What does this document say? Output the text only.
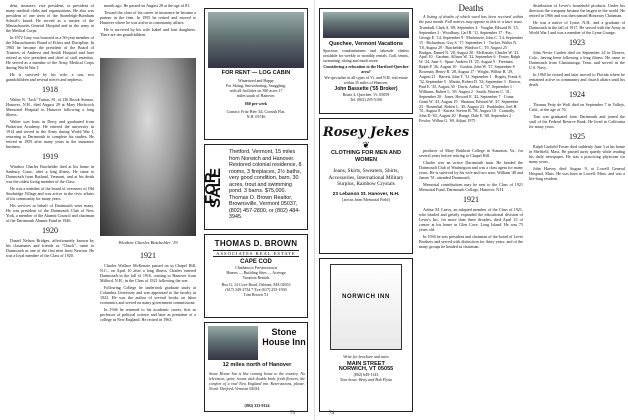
dent, treasurer, vice president, or president of many medical clubs and organizations. He also was president of one term of the Stoneleigh-Burnham School's board. He served as a trustee of the Massachusetts General Hospital and in the army in the Medical Corps.

In 1972 Gary was honored as a 50-year member of the Massachusetts Board of Ethics and Discipline. In 1965 he became the president of the Board of Trustees of Amherst and Smith Hospital and later retired as vice president and chief of staff emeritus. He served as a member of the Army Medical Corps during World War I.

He is survived by his wife, a son, two grandchildren and several nieces and nephews.

1918

Walter N. "Jack" Tutton, 81, of 136 Brook Avenue, Hanover, N.H., died August 29 at Mary Hitchcock Memorial Hospital in Hanover following a long illness.

Walter was born in Derry and graduated from Pinkerton Academy. He entered the university in 1914 and served in the Army during World War I, returning to Dartmouth to complete his studies. He retired in 1959 after many years in the insurance business.

1919

Windsor Charles Batchelder died at his home in Sanbury, Conn., after a long illness. He came to Dartmouth from Rutland, Vermont, and at his death was the oldest living member of the Class.

He was a member of the board of overseers of Old Sturbridge Village and was active in the civic affairs of his community for many years.

His services in behalf of Dartmouth were many. He was president of the Dartmouth Club of New York, a member of the Alumni Council and chairman of the Dartmouth Alumni Fund in 1946.

1920

Daniel Nelson Bridges, affectionately known by his classmates and friends as "Chuck", came to Dartmouth as one of the first men from Newton. He was a loyal member of the Class of 1920.

month ago. He passed on August 28 at the age of 81.

Toward the close of his career in insurance he became a partner in the firm. In 1955 he retired and moved to Hanover where he was active in community affairs.

He is survived by his wife Isabel and four daughters. There are ten grandchildren.

Windsor Charles Batchelder '19
1921

Charles Wallace McKenzie passed on in Chapel Hill, N.C., on April 10 after a long illness. Charles entered Dartmouth in the fall of 1916, coming to Hanover from Milford, N.H., in the Class of 1921 following the war.

Following College he undertook graduate study at Columbia University and was appointed to the faculty in 1922. He was the author of several books on labor economics and served on many government commissions.

In 1946 he returned to his academic career, first as professor of political science and later as president of a college in New England. He retired in 1963.

FOR RENT — LOG CABIN
Winterized and Happy
For Skiing, Snowshoeing, Snuggling,
with all facilities on 380 acres 17
miles south of Hanover.
$60 per week
Contact: Fritz Hier '44, Cornish Flat,
N.H. 03746
FOR SALE
Thetford, Vermont, 15 miles from Norwich and Hanover. Restored colonial residence, 8 rooms, 3 fireplaces, 2½ baths, very good condition, barn, 30 acres, trout and swimming pond. 3 barns. $75,000. Thomas D. Brown Realtor, Brownsville, Vermont 05037, (802) 457-2800, or (802) 484-3945.
THOMAS D. BROWN
ASSOCIATES REAL ESTATE
CAPE COD
Chatham to Provincetown
Homes — Building Sites — Acreage
Vacation Rentals
Box G, 14 Cove Road, Orleans, MA 02653
(617) 349-2734 * Eve (617) 255-1930
Tom Brown '51
Stone House Inn
12 miles north of Hanover
Stone House Inn is like coming home to the country. No television, quiet, rooms with double beds, fresh flowers, the comfort of a real New England inn. Reservations, please. North Thetford, Vermont 05054.
(802) 333-9124
73
Quechee, Vermont Vacations
Spacious condominiums and lakeside chalets available for weekly or monthly rentals. Golf, tennis, swimming, skiing and much more.
Considering a relocation to the Hartford-Quechee area?
We specialize in all types of Vt. and N.H. real estate within 35 miles of Hanover.
John Bassette ('55 Broker)
Route 4, Quechee, Vt. 05059
Tel. (802) 295-5100
Rosey Jekes
❦
CLOTHING FOR MEN AND WOMEN
Jeans, Skirts, Sweaters, Shirts, Accessories, International Military Surplus, Rainbow Crystals
23 Lebanon St. Hanover, N.H.
[across from Memorial Field]
NORWICH INN
Write for brochure and rates
MAIN STREET
NORWICH, VT 05055
(802) 649-1143
Your hosts: Betty and Bob Flynn
Deaths

A listing of deaths of which word has been received within the past month. Full notices may appear in this or a later issue.

Trumbull, Clark A. '08, September 4 · Vaughn, Edward R. '15, September 3 · Woodbury, Carl R. '11, September 17 · Fry, George E. '14, September 9 · Mackenzie, John C. '14, September 15 · Richardson, Guy S. '17, September 1 · Tucker, Walter N. '18, August 29 · Batchelder, Windsor C. '19, August 25 · Bridges, Daniel N. '20, August 28 · McKenzie, Charles W. '21, April 10 · Gardner, Allison W. '22, September 6 · Foster, Ralph W. '24, June 3 · Spurr, Andrew H. '25, August 9 · Freeman, Ralph P. '26, August 10 · Gordon, John W. '27, September 8 · Bowman, Henry R. '28, August 17 · Wright, Wilbur B. '29, August 21 · Barrett, John T. '31, September 1 · Rogers, Frank S. '32, September 5 · Martin, Robert D. '34, September 3 · Brown, Paul E. '35, August 30 · Davis, Arthur L. '37, September 1 · Williams, Robert L. '39, August 2 · Smith, Warren C. '41, September 20 · Jones, Howard E. '42, September 7 · Crane, Grant W. '43, August 19 · Shuman, Edward W. '47, September 23 · Rosenthal, Robert L. '49, August 24 · Burkhalter, Joel H. '51, August 8 · Kuretz, Steven R. '58, August 10 · Connolly, John D. '65, August 20 · Runge, Dale E. '68, September 2 · Fowler, Wilbur G. '69, Adjust 1975

producer of Mary Baldwin College in Staunton, Va., for several years before retiring to Chapel Hill.

Charlie was an active Dartmouth man. He headed the Dartmouth Club of Washington and was a class agent for many years. He is survived by his wife and two sons, William '48 and James '51, attended Dartmouth.

Memorial contributions may be sent to the Class of 1921 Memorial Fund, Dartmouth College, Hanover, N.H.

1921

Arthur M. Leavy, an adopted member of the Class of 1921, who headed and greatly expanded the educational division of Lever's Inc. for more than three decades, died April 15 of cancer at his home in Glen Cove, Long Island. He was 75 years old.

In 1936 he was president and chairman of the board of Lever Brothers and served with distinction for thirty years; and of the many groups he headed as chairman.

distribution of Lever's household products. Under his direction the company became the largest in the world. He retired in 1966 and was then named Honorary Chairman.

He was a native of Lyme, N.H., and a graduate of Dartmouth in the fall of 1917. He served with the Army in World War I and was a member of the Lyme Grange.

1923

John Nevin Carden died on September 24 in Denver, Colo., having been following a long illness. He came to Dartmouth from Chattanooga, Tenn. and served in the U.S. Navy.

In 1960 he retired and later moved to Florida where he remained active in community and church affairs until his death.

1924

Thomas Petty de Wolf died on September 7 in Vallejo, Calif., at the age of 76.

Tom was graduated from Dartmouth and joined the staff of the Federal Reserve Bank. He lived in California for many years.

1925

Ralph Garfield Foster died suddenly June 3 at his home in Sheffield, Mass. He passed away quietly while reading his daily newspaper. He was a practicing physician for many years.

John Harvey died August 9, at Lowell General Hospital, Mass. He was born in Lowell, Mass. and was a life-long resident.

74
